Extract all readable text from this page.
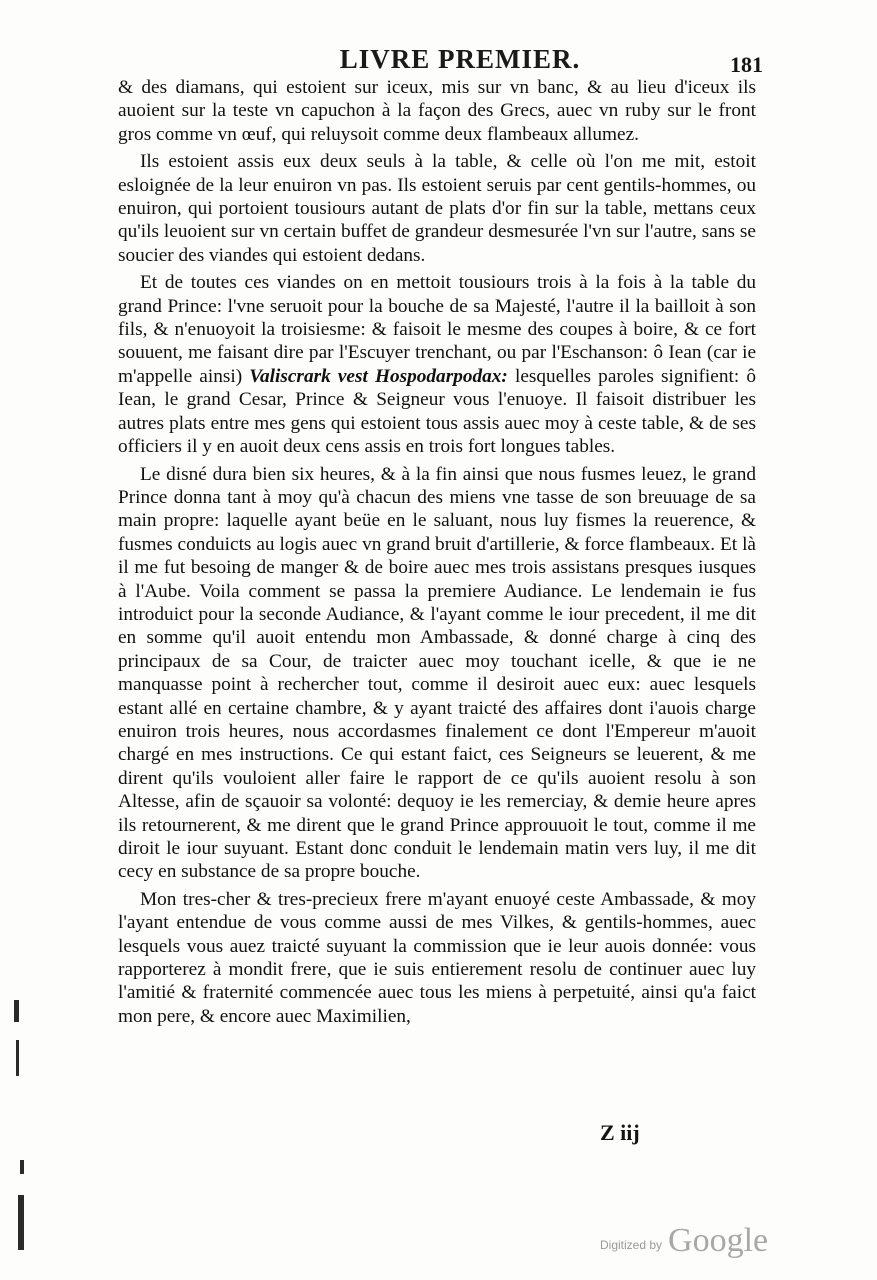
LIVRE PREMIER.	181

& des diamans, qui estoient sur iceux, mis sur vn banc, & au lieu d'iceux ils auoient sur la teste vn capuchon à la façon des Grecs, auec vn ruby sur le front gros comme vn œuf, qui reluysoit comme deux flambeaux allumez.

Ils estoient assis eux deux seuls à la table, & celle où l'on me mit, estoit esloignée de la leur enuiron vn pas. Ils estoient seruis par cent gentils-hommes, ou enuiron, qui portoient tousiours autant de plats d'or fin sur la table, mettans ceux qu'ils leuoient sur vn certain buffet de grandeur desmesurée l'vn sur l'autre, sans se soucier des viandes qui estoient dedans.

Et de toutes ces viandes on en mettoit tousiours trois à la fois à la table du grand Prince: l'vne seruoit pour la bouche de sa Majesté, l'autre il la bailloit à son fils, & n'enuoyoit la troisiesme: & faisoit le mesme des coupes à boire, & ce fort souuent, me faisant dire par l'Escuyer trenchant, ou par l'Eschanson: ô Iean (car ie m'appelle ainsi) Valiscrark vest Hospodarpodax: lesquelles paroles signifient: ô Iean, le grand Cesar, Prince & Seigneur vous l'enuoye. Il faisoit distribuer les autres plats entre mes gens qui estoient tous assis auec moy à ceste table, & de ses officiers il y en auoit deux cens assis en trois fort longues tables.

Le disné dura bien six heures, & à la fin ainsi que nous fusmes leuez, le grand Prince donna tant à moy qu'à chacun des miens vne tasse de son breuuage de sa main propre: laquelle ayant beüe en le saluant, nous luy fismes la reuerence, & fusmes conduicts au logis auec vn grand bruit d'artillerie, & force flambeaux. Et là il me fut besoing de manger & de boire auec mes trois assistans presques iusques à l'Aube. Voila comment se passa la premiere Audiance. Le lendemain ie fus introduict pour la seconde Audiance, & l'ayant comme le iour precedent, il me dit en somme qu'il auoit entendu mon Ambassade, & donné charge à cinq des principaux de sa Cour, de traicter auec moy touchant icelle, & que ie ne manquasse point à rechercher tout, comme il desiroit auec eux: auec lesquels estant allé en certaine chambre, & y ayant traicté des affaires dont i'auois charge enuiron trois heures, nous accordasmes finalement ce dont l'Empereur m'auoit chargé en mes instructions. Ce qui estant faict, ces Seigneurs se leuerent, & me dirent qu'ils vouloient aller faire le rapport de ce qu'ils auoient resolu à son Altesse, afin de sçauoir sa volonté: dequoy ie les remerciay, & demie heure apres ils retournerent, & me dirent que le grand Prince approuuoit le tout, comme il me diroit le iour suyuant. Estant donc conduit le lendemain matin vers luy, il me dit cecy en substance de sa propre bouche.

Mon tres-cher & tres-precieux frere m'ayant enuoyé ceste Ambassade, & moy l'ayant entendue de vous comme aussi de mes Vilkes, & gentils-hommes, auec lesquels vous auez traicté suyuant la commission que ie leur auois donnée: vous rapporterez à mondit frere, que ie suis entierement resolu de continuer auec luy l'amitié & fraternité commencée auec tous les miens à perpetuité, ainsi qu'a faict mon pere, & encore auec Maximilien,

Z iij
Digitized by Google
